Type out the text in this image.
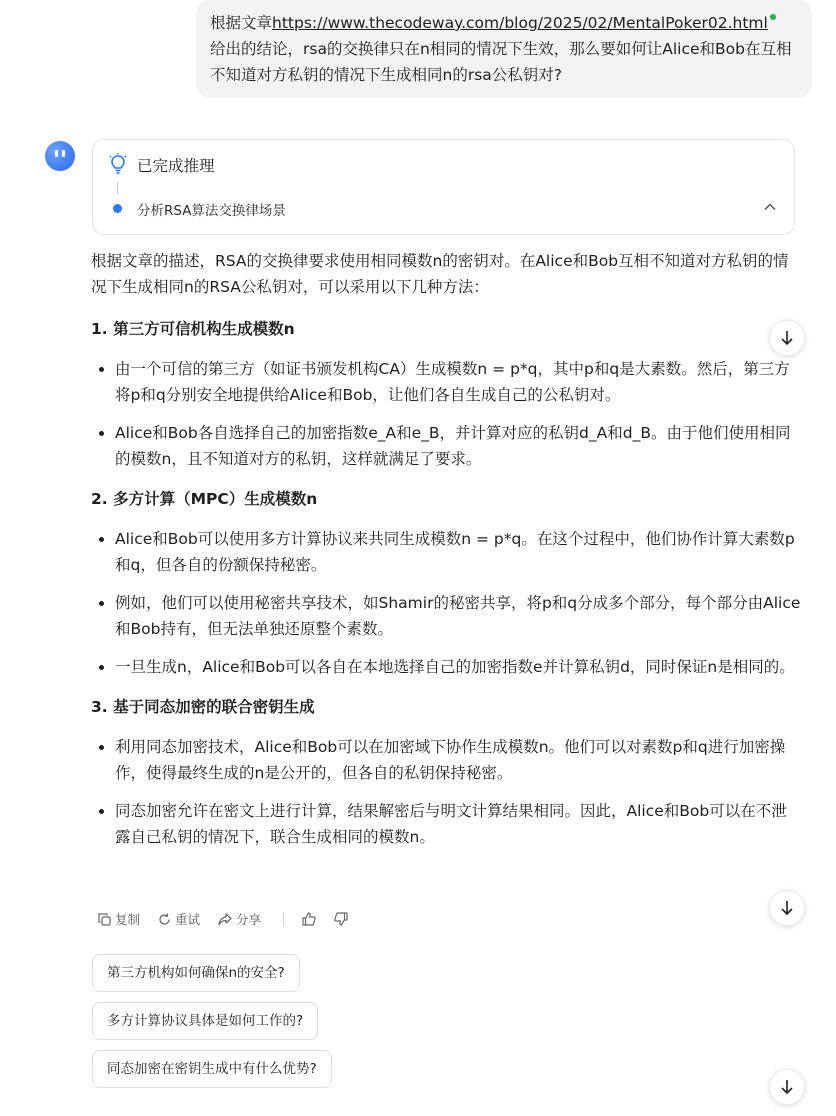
根据文章https://www.thecodeway.com/blog/2025/02/MentalPoker02.html 给出的结论，rsa的交换律只在n相同的情况下生效，那么要如何让Alice和Bob在互相不知道对方私钥的情况下生成相同n的rsa公私钥对?
已完成推理
分析RSA算法交换律场景

根据文章的描述，RSA的交换律要求使用相同模数n的密钥对。在Alice和Bob互相不知道对方私钥的情况下生成相同n的RSA公私钥对，可以采用以下几种方法：

1. 第三方可信机构生成模数n
由一个可信的第三方（如证书颁发机构CA）生成模数n = p*q，其中p和q是大素数。然后，第三方将p和q分别安全地提供给Alice和Bob，让他们各自生成自己的公私钥对。
Alice和Bob各自选择自己的加密指数e_A和e_B，并计算对应的私钥d_A和d_B。由于他们使用相同的模数n，且不知道对方的私钥，这样就满足了要求。
2. 多方计算（MPC）生成模数n
Alice和Bob可以使用多方计算协议来共同生成模数n = p*q。在这个过程中，他们协作计算大素数p和q，但各自的份额保持秘密。
例如，他们可以使用秘密共享技术，如Shamir的秘密共享，将p和q分成多个部分，每个部分由Alice和Bob持有，但无法单独还原整个素数。
一旦生成n，Alice和Bob可以各自在本地选择自己的加密指数e并计算私钥d，同时保证n是相同的。
3. 基于同态加密的联合密钥生成
利用同态加密技术，Alice和Bob可以在加密域下协作生成模数n。他们可以对素数p和q进行加密操作，使得最终生成的n是公开的，但各自的私钥保持秘密。
同态加密允许在密文上进行计算，结果解密后与明文计算结果相同。因此，Alice和Bob可以在不泄露自己私钥的情况下，联合生成相同的模数n。
复制	重试	分享
第三方机构如何确保n的安全?
多方计算协议具体是如何工作的?
同态加密在密钥生成中有什么优势?
